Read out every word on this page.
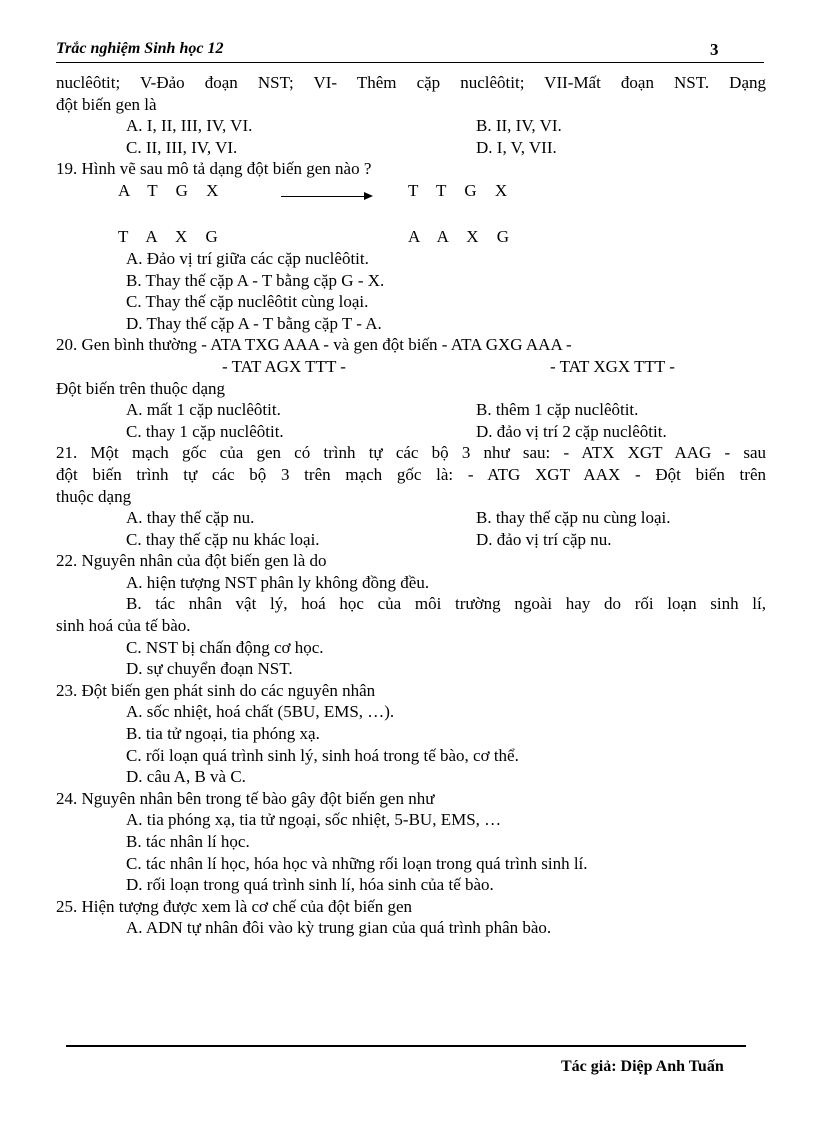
Trắc nghiệm Sinh học 12	3
nuclêôtit; V-Đảo đoạn NST; VI- Thêm cặp nuclêôtit; VII-Mất đoạn NST. Dạng
đột biến gen là
A. I, II, III, IV, VI.	B. II, IV, VI.
C. II, III, IV, VI.	D. I, V, VII.
19. Hình vẽ sau mô tả dạng đột biến gen nào ?
A T G X	T T G X
T A X G	A A X G
A. Đảo vị trí giữa các cặp nuclêôtit.
B. Thay thế cặp A - T bằng cặp G - X.
C. Thay thế cặp nuclêôtit cùng loại.
D. Thay thế cặp A - T bằng cặp T - A.
20. Gen bình thường - ATA TXG AAA - và gen đột biến - ATA GXG AAA -
- TAT AGX TTT -	- TAT XGX TTT -
Đột biến trên thuộc dạng
A. mất 1 cặp nuclêôtit.	B. thêm 1 cặp nuclêôtit.
C. thay 1 cặp nuclêôtit.	D. đảo vị trí 2 cặp nuclêôtit.
21. Một mạch gốc của gen có trình tự các bộ 3 như sau: - ATX XGT AAG - sau
đột biến trình tự các bộ 3 trên mạch gốc là: - ATG XGT AAX - Đột biến trên
thuộc dạng
A. thay thế cặp nu.	B. thay thế cặp nu cùng loại.
C. thay thế cặp nu khác loại.	D. đảo vị trí cặp nu.
22. Nguyên nhân của đột biến gen là do
A. hiện tượng NST phân ly không đồng đều.
B. tác nhân vật lý, hoá học của môi trường ngoài hay do rối loạn sinh lí,
sinh hoá của tế bào.
C. NST bị chấn động cơ học.
D. sự chuyển đoạn NST.
23. Đột biến gen phát sinh do các nguyên nhân
A. sốc nhiệt, hoá chất (5BU, EMS, …).
B. tia tử ngoại, tia phóng xạ.
C. rối loạn quá trình sinh lý, sinh hoá trong tế bào, cơ thể.
D. câu A, B và C.
24. Nguyên nhân bên trong tế bào gây đột biến gen như
A. tia phóng xạ, tia tử ngoại, sốc nhiệt, 5-BU, EMS, …
B. tác nhân lí học.
C. tác nhân lí học, hóa học và những rối loạn trong quá trình sinh lí.
D. rối loạn trong quá trình sinh lí, hóa sinh của tế bào.
25. Hiện tượng được xem là cơ chế của đột biến gen
A. ADN tự nhân đôi vào kỳ trung gian của quá trình phân bào.
Tác giả: Diệp Anh Tuấn
